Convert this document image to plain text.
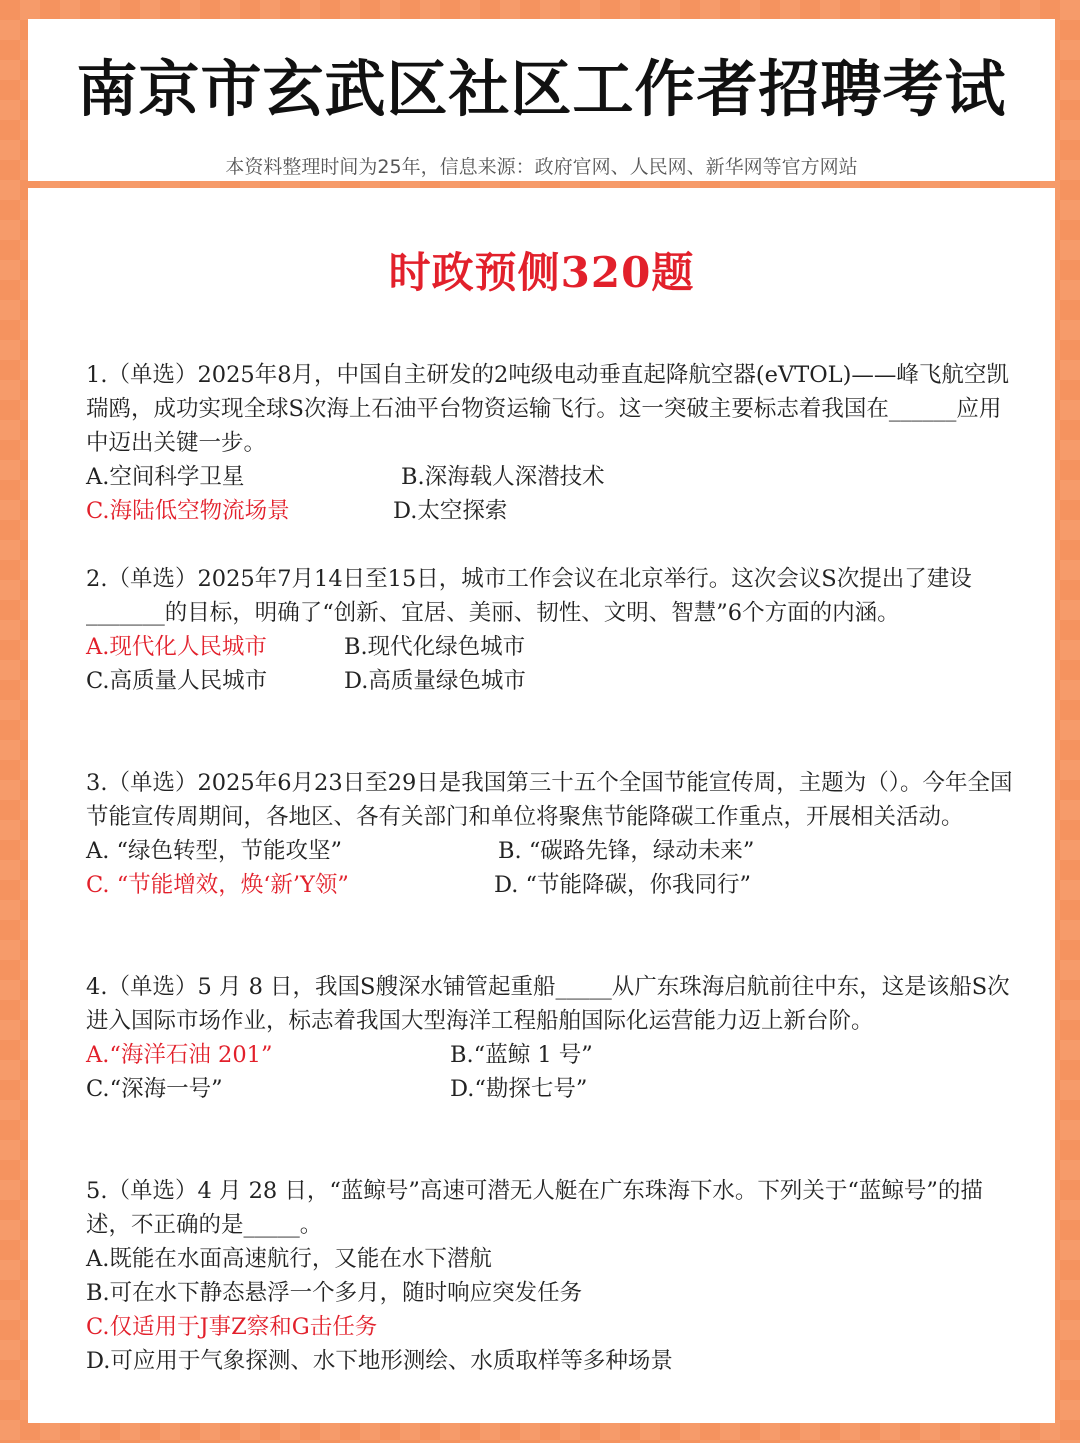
南京市玄武区社区工作者招聘考试
本资料整理时间为25年，信息来源：政府官网、人民网、新华网等官方网站
时政预侧320题

1.（单选）2025年8月，中国自主研发的2吨级电动垂直起降航空器(eVTOL)——峰飞航空凯瑞鸥，成功实现全球S次海上石油平台物资运输飞行。这一突破主要标志着我国在______应用中迈出关键一步。

A.空间科学卫星	B.深海载人深潜技术
C.海陆低空物流场景	D.太空探索

2.（单选）2025年7月14日至15日，城市工作会议在北京举行。这次会议S次提出了建设_______的目标，明确了“创新、宜居、美丽、韧性、文明、智慧”6个方面的内涵。

A.现代化人民城市	B.现代化绿色城市
C.高质量人民城市	D.高质量绿色城市

3.（单选）2025年6月23日至29日是我国第三十五个全国节能宣传周，主题为（）。今年全国节能宣传周期间，各地区、各有关部门和单位将聚焦节能降碳工作重点，开展相关活动。

A. “绿色转型，节能攻坚”	B. “碳路先锋，绿动未来”
C. “节能增效，焕‘新’Y领”	D. “节能降碳，你我同行”

4.（单选）5 月 8 日，我国S艘深水铺管起重船_____从广东珠海启航前往中东，这是该船S次进入国际市场作业，标志着我国大型海洋工程船舶国际化运营能力迈上新台阶。

A.“海洋石油 201”	B.“蓝鲸 1 号”
C.“深海一号”	D.“勘探七号”

5.（单选）4 月 28 日，“蓝鲸号”高速可潜无人艇在广东珠海下水。下列关于“蓝鲸号”的描述，不正确的是_____。

A.既能在水面高速航行，又能在水下潜航
B.可在水下静态悬浮一个多月，随时响应突发任务
C.仅适用于J事Z察和G击任务
D.可应用于气象探测、水下地形测绘、水质取样等多种场景
